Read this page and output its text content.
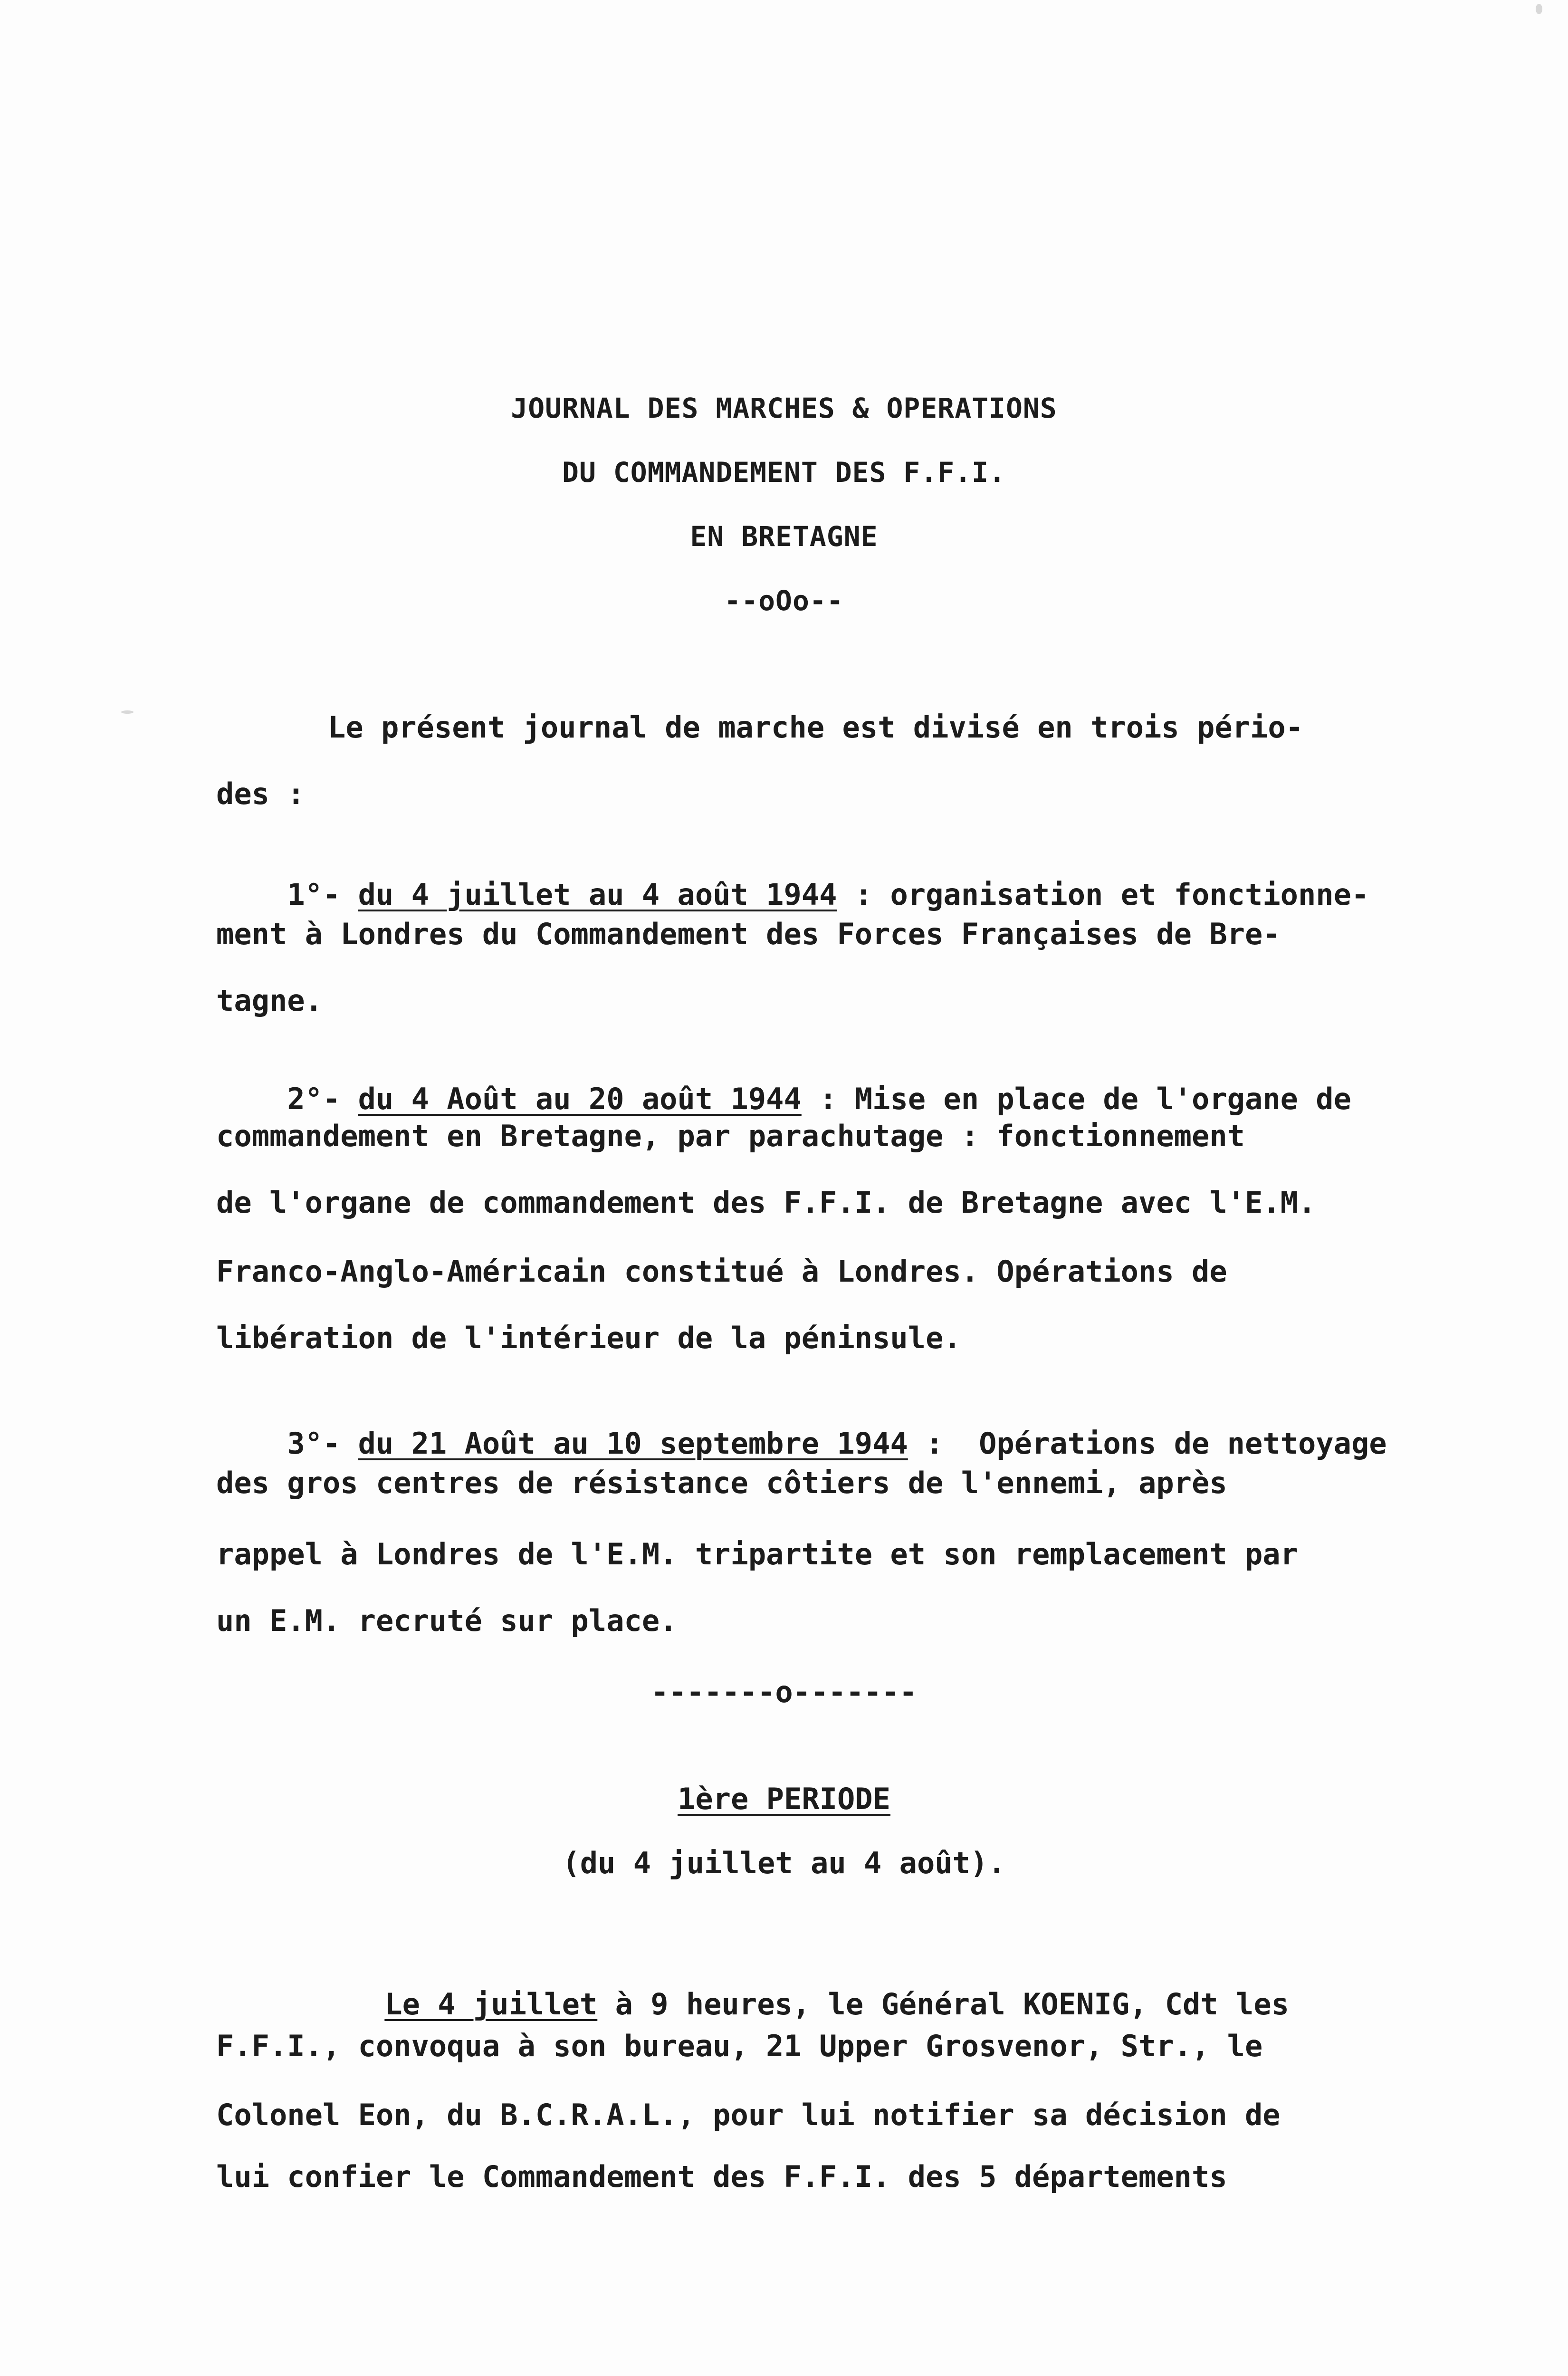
JOURNAL DES MARCHES & OPERATIONS
DU COMMANDEMENT DES F.F.I.
EN BRETAGNE
--oOo--
Le présent journal de marche est divisé en trois pério-
des :

1°- du 4 juillet au 4 août 1944 : organisation et fonctionne-

ment à Londres du Commandement des Forces Françaises de Bre-
tagne.

2°- du 4 Août au 20 août 1944 : Mise en place de l'organe de

commandement en Bretagne, par parachutage : fonctionnement
de l'organe de commandement des F.F.I. de Bretagne avec l'E.M.
Franco-Anglo-Américain constitué à Londres. Opérations de
libération de l'intérieur de la péninsule.

3°- du 21 Août au 10 septembre 1944 :  Opérations de nettoyage

des gros centres de résistance côtiers de l'ennemi, après
rappel à Londres de l'E.M. tripartite et son remplacement par
un E.M. recruté sur place.
-------o-------
1ère PERIODE
(du 4 juillet au 4 août).

Le 4 juillet à 9 heures, le Général KOENIG, Cdt les

F.F.I., convoqua à son bureau, 21 Upper Grosvenor, Str., le
Colonel Eon, du B.C.R.A.L., pour lui notifier sa décision de
lui confier le Commandement des F.F.I. des 5 départements
